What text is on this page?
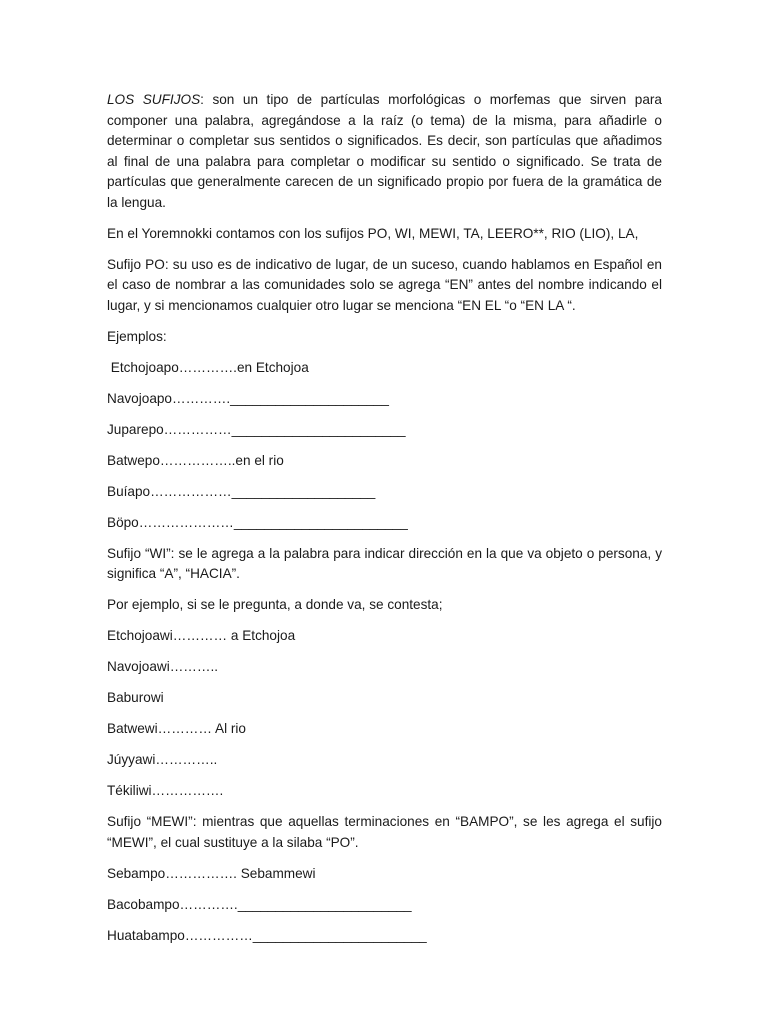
LOS SUFIJOS: son un tipo de partículas morfológicas o morfemas que sirven para componer una palabra, agregándose a la raíz (o tema) de la misma, para añadirle o determinar o completar sus sentidos o significados. Es decir, son partículas que añadimos al final de una palabra para completar o modificar su sentido o significado. Se trata de partículas que generalmente carecen de un significado propio por fuera de la gramática de la lengua.

En el Yoremnokki contamos con los sufijos PO, WI, MEWI, TA, LEERO**, RIO (LIO), LA,

Sufijo PO: su uso es de indicativo de lugar, de un suceso, cuando hablamos en Español en el caso de nombrar a las comunidades solo se agrega “EN” antes del nombre indicando el lugar, y si mencionamos cualquier otro lugar se menciona “EN EL “o “EN LA “.

Ejemplos:

Etchojoapo………….en Etchojoa

Navojoapo…………._____________________

Juparepo……………_______________________

Batwepo……………..en el rio

Buíapo………………___________________

Böpo…………………_______________________

Sufijo “WI”: se le agrega a la palabra para indicar dirección en la que va objeto o persona, y significa “A”, “HACIA”.

Por ejemplo, si se le pregunta, a donde va, se contesta;

Etchojoawi………… a Etchojoa

Navojoawi………..

Baburowi

Batwewi………… Al rio

Júyyawi…………..

Tékiliwi…………….

Sufijo “MEWI”: mientras que aquellas terminaciones en “BAMPO”, se les agrega el sufijo “MEWI”, el cual sustituye a la silaba “PO”.

Sebampo……………. Sebammewi

Bacobampo…………._______________________

Huatabampo……………_______________________
